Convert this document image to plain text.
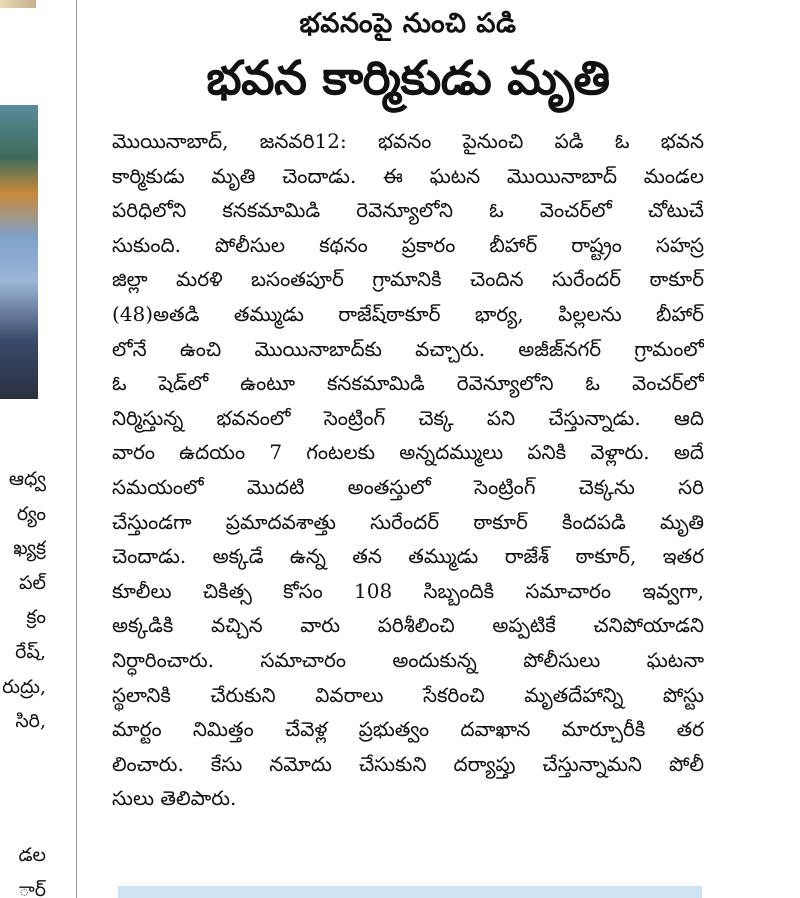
ఆధ్వ
ర్యం
ఖ్యక్ర
పల్
క్రం
రేష్,
రుద్రు,
సిరి,
డల
ార్
భవనంపై నుంచి పడి
భవన కార్మికుడు మృతి
మొయినాబాద్, జనవరి12: భవనం పైనుంచి పడి ఓ భవన
కార్మికుడు మృతి చెందాడు. ఈ ఘటన మొయినాబాద్ మండల
పరిధిలోని కనకమామిడి రెవెన్యూలోని ఓ వెంచర్‌లో చోటుచే
సుకుంది. పోలీసుల కథనం ప్రకారం బీహార్ రాష్ట్రం సహస్ర
జిల్లా మరళి బసంతపూర్ గ్రామానికి చెందిన సురేందర్ ఠాకూర్
(48)అతడి తమ్ముడు రాజేష్‌ఠాకూర్ భార్య, పిల్లలను బీహార్
లోనే ఉంచి మొయినాబాద్‌కు వచ్చారు. అజీజ్‌నగర్ గ్రామంలో
ఓ షెడ్‌లో ఉంటూ కనకమామిడి రెవెన్యూలోని ఓ వెంచర్‌లో
నిర్మిస్తున్న భవనంలో సెంట్రింగ్ చెక్క పని చేస్తున్నాడు. ఆది
వారం ఉదయం 7 గంటలకు అన్నదమ్ములు పనికి వెళ్లారు. అదే
సమయంలో మొదటి అంతస్తులో సెంట్రింగ్ చెక్కను సరి
చేస్తుండగా ప్రమాదవశాత్తు సురేందర్ ఠాకూర్ కిందపడి మృతి
చెందాడు. అక్కడే ఉన్న తన తమ్ముడు రాజేశ్ ఠాకూర్, ఇతర
కూలీలు చికిత్స కోసం 108 సిబ్బందికి సమాచారం ఇవ్వగా,
అక్కడికి వచ్చిన వారు పరిశీలించి అప్పటికే చనిపోయాడని
నిర్ధారించారు. సమాచారం అందుకున్న పోలీసులు ఘటనా
స్థలానికి చేరుకుని వివరాలు సేకరించి మృతదేహాన్ని పోస్టు
మార్టం నిమిత్తం చేవెళ్ల ప్రభుత్వం దవాఖాన మార్చూరీకి తర
లించారు. కేసు నమోదు చేసుకుని దర్యాప్తు చేస్తున్నామని పోలీ
సులు తెలిపారు.
